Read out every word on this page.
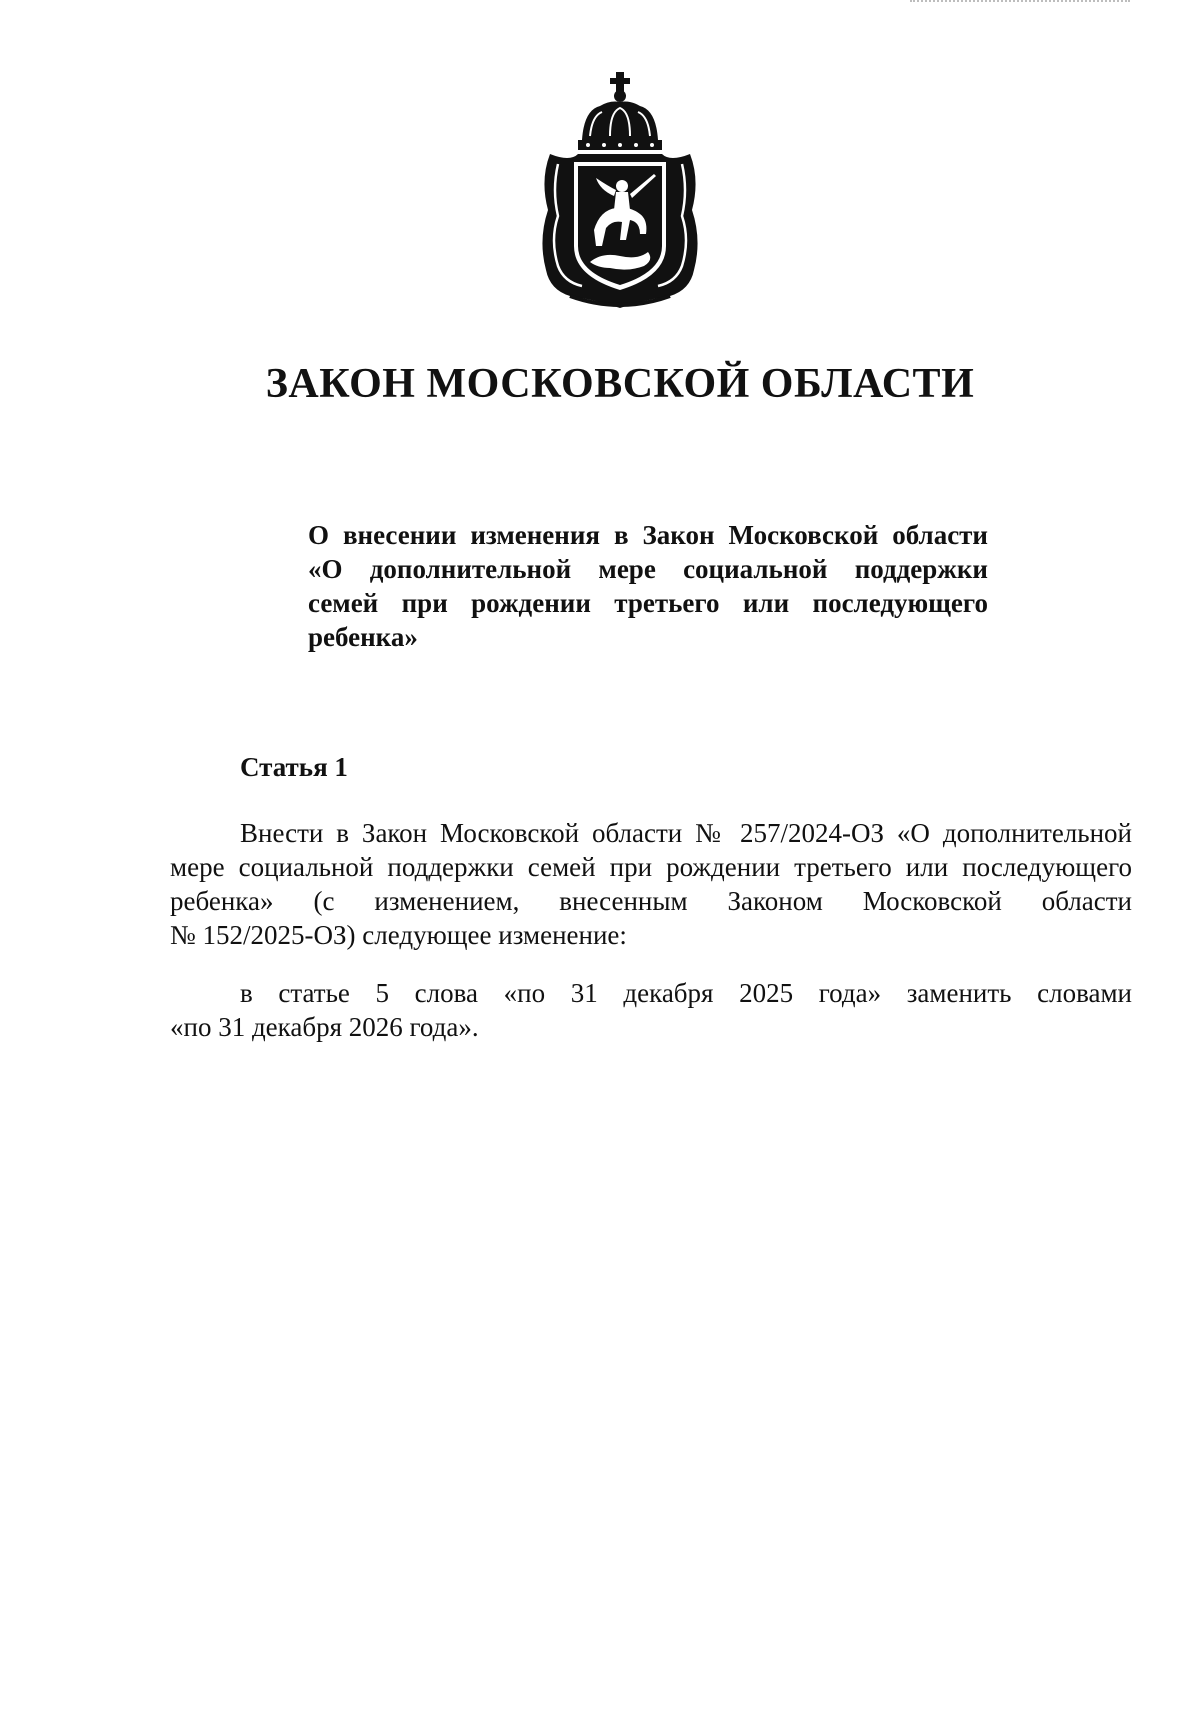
ЗАКОН МОСКОВСКОЙ ОБЛАСТИ
О внесении изменения в Закон Московской области
«О дополнительной мере социальной поддержки
семей при рождении третьего или последующего
ребенка»
Статья 1
Внести в Закон Московской области № 257/2024-ОЗ «О дополнительной
мере социальной поддержки семей при рождении третьего или последующего
ребенка» (с изменением, внесенным Законом Московской области
№ 152/2025-ОЗ) следующее изменение:
в статье 5 слова «по 31 декабря 2025 года» заменить словами
«по 31 декабря 2026 года».
